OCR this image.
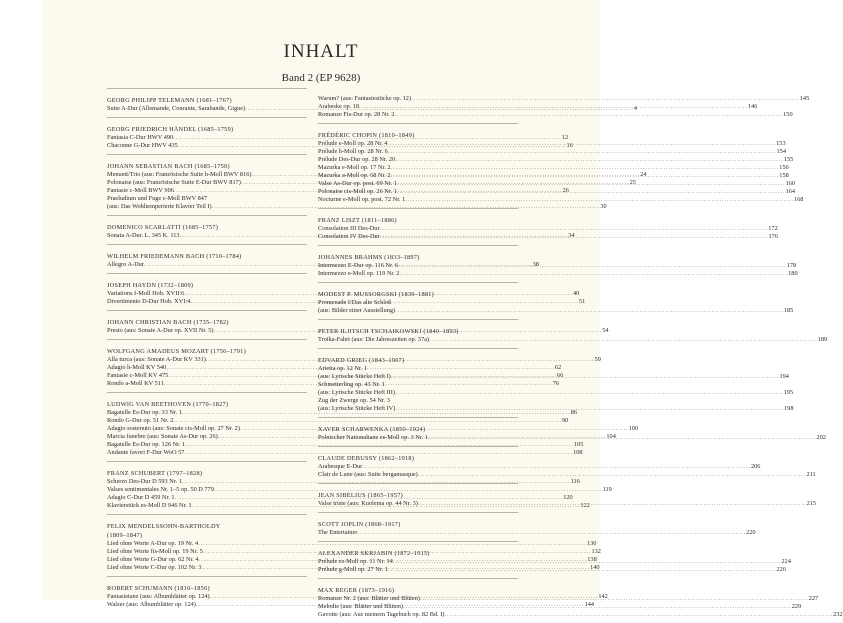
INHALT
Band 2 (EP 9628)
GEORG PHILIPP TELEMANN (1681–1767)
Suite A-Dur (Allemande, Courante, Sarabande, Gigue) .....	4
GEORG FRIEDRICH HÄNDEL (1685–1759)
Fantasia C-Dur HWV 490 .....	12
Chaconne G-Dur HWV 435 .....	16
JOHANN SEBASTIAN BACH (1685–1750)
Menuett/Trio (aus: Französische Suite h-Moll BWV 816) .....	24
Polonaise (aus: Französische Suite E-Dur BWV 817) .....	25
Fantasie c-Moll BWV 906 .....	26
Praeludium und Fuge c-Moll BWV 847
(aus: Das Wohltemperierte Klavier Teil I) .....	30
DOMENICO SCARLATTI (1685–1757)
Sonata A-Dur. L. 345 K. 113 .....	34
WILHELM FRIEDEMANN BACH (1710–1784)
Allegro A-Dur .....	38
JOSEPH HAYDN (1732–1809)
Variations f-Moll Hob. XVII:6 .....	40
Divertimento D-Dur Hob. XVI:4 .....	51
JOHANN CHRISTIAN BACH (1735–1782)
Presto (aus: Sonate A-Dur op. XVII Nr. 5) .....	54
WOLFGANG AMADEUS MOZART (1756–1791)
Alla turca (aus: Sonate A-Dur KV 331) .....	59
Adagio h-Moll KV 540 .....	62
Fantasie c-Moll KV 475 .....	66
Rondo a-Moll KV 511 .....	76
LUDWIG VAN BEETHOVEN (1770–1827)
Bagatelle Es-Dur op. 33 Nr. 1 .....	86
Rondo G-Dur op. 51 Nr. 2 .....	90
Adagio sostenuto (aus: Sonate cis-Moll op. 27 Nr. 2) .....	100
Marcia funebre (aus: Sonate As-Dur op. 26) .....	104
Bagatelle Es-Dur op. 126 Nr. 1 .....	105
Andante favori F-Dur WoO 57 .....	108
FRANZ SCHUBERT (1797–1828)
Scherzo Des-Dur D 593 Nr. 1 .....	116
Valses sentimentales Nr. 1–5 op. 50 D 779 .....	119
Adagio C-Dur D 459 Nr. 1 .....	120
Klavierstück es-Moll D 946 Nr. 1 .....	122
FELIX MENDELSSOHN-BARTHOLDY
(1809–1847)
Lied ohne Worte A-Dur op. 19 Nr. 4 .....	130
Lied ohne Worte fis-Moll op. 19 Nr. 5 .....	132
Lied ohne Worte G-Dur op. 62 Nr. 4 .....	138
Lied ohne Worte C-Dur op. 102 Nr. 3 .....	140
ROBERT SCHUMANN (1810–1856)
Fantasietanz (aus: Albumblätter op. 124) .....	142
Walzer (aus: Albumblätter op. 124) .....	144
Warum? (aus: Fantasiestücke op. 12) .....	145
Arabeske op. 18 .....	146
Romanze Fis-Dur op. 28 Nr. 2 .....	150
FRÉDÉRIC CHOPIN (1810–1849)
Prélude e-Moll op. 28 Nr. 4 .....	153
Prélude h-Moll op. 28 Nr. 6 .....	154
Prélude Des-Dur op. 28 Nr. 20 .....	155
Mazurka e-Moll op. 17 Nr. 2 .....	156
Mazurka a-Moll op. 68 Nr. 2 .....	158
Valse As-Dur op. post. 69 Nr. 1 .....	160
Polonaise cis-Moll op. 26 Nr. 1 .....	164
Nocturne e-Moll op. post. 72 Nr. 1 .....	168
FRANZ LISZT (1811–1886)
Consolation III Des-Dur .....	172
Consolation IV Des-Dur .....	176
JOHANNES BRAHMS (1833–1897)
Intermezzo E-Dur op. 116 Nr. 6 .....	178
Intermezzo e-Moll op. 119 Nr. 2 .....	180
MODEST P. MUSSORGSKI (1839–1881)
Promenade I/Das alte Schloß
(aus: Bilder einer Ausstellung) .....	185
PETER ILJITSCH TSCHAIKOWSKI (1840–1893)
Troika-Fahrt (aus: Die Jahreszeiten op. 37a) .....	189
EDVARD GRIEG (1843–1907)
Arietta op. 12 Nr. 1
(aus: Lyrische Stücke Heft I) .....	194
Schmetterling op. 43 Nr. 1
(aus: Lyrische Stücke Heft III) .....	195
Zug der Zwerge op. 54 Nr. 3
(aus: Lyrische Stücke Heft IV) .....	198
XAVER SCHARWENKA (1850–1924)
Polnischer Nationaltanz es-Moll op. 3 Nr. 1 .....	202
CLAUDE DEBUSSY (1862–1918)
Arabesque E-Dur .....	206
Clair de Lune (aus: Suite bergamasque) .....	211
JEAN SIBELIUS (1865–1957)
Valse triste (aus: Kuolema op. 44 Nr. 3) .....	215
SCOTT JOPLIN (1868–1917)
The Entertainer .....	220
ALEXANDER SKRJABIN (1872–1915)
Prélude es-Moll op. 11 Nr. 14 .....	224
Prélude g-Moll op. 27 Nr. 1 .....	226
MAX REGER (1873–1916)
Romanze Nr. 2 (aus: Blätter und Blüten) .....	227
Melodie (aus: Blätter und Blüten) .....	229
Gavotte (aus: Aus meinem Tagebuch op. 82 Bd. I) .....	232
